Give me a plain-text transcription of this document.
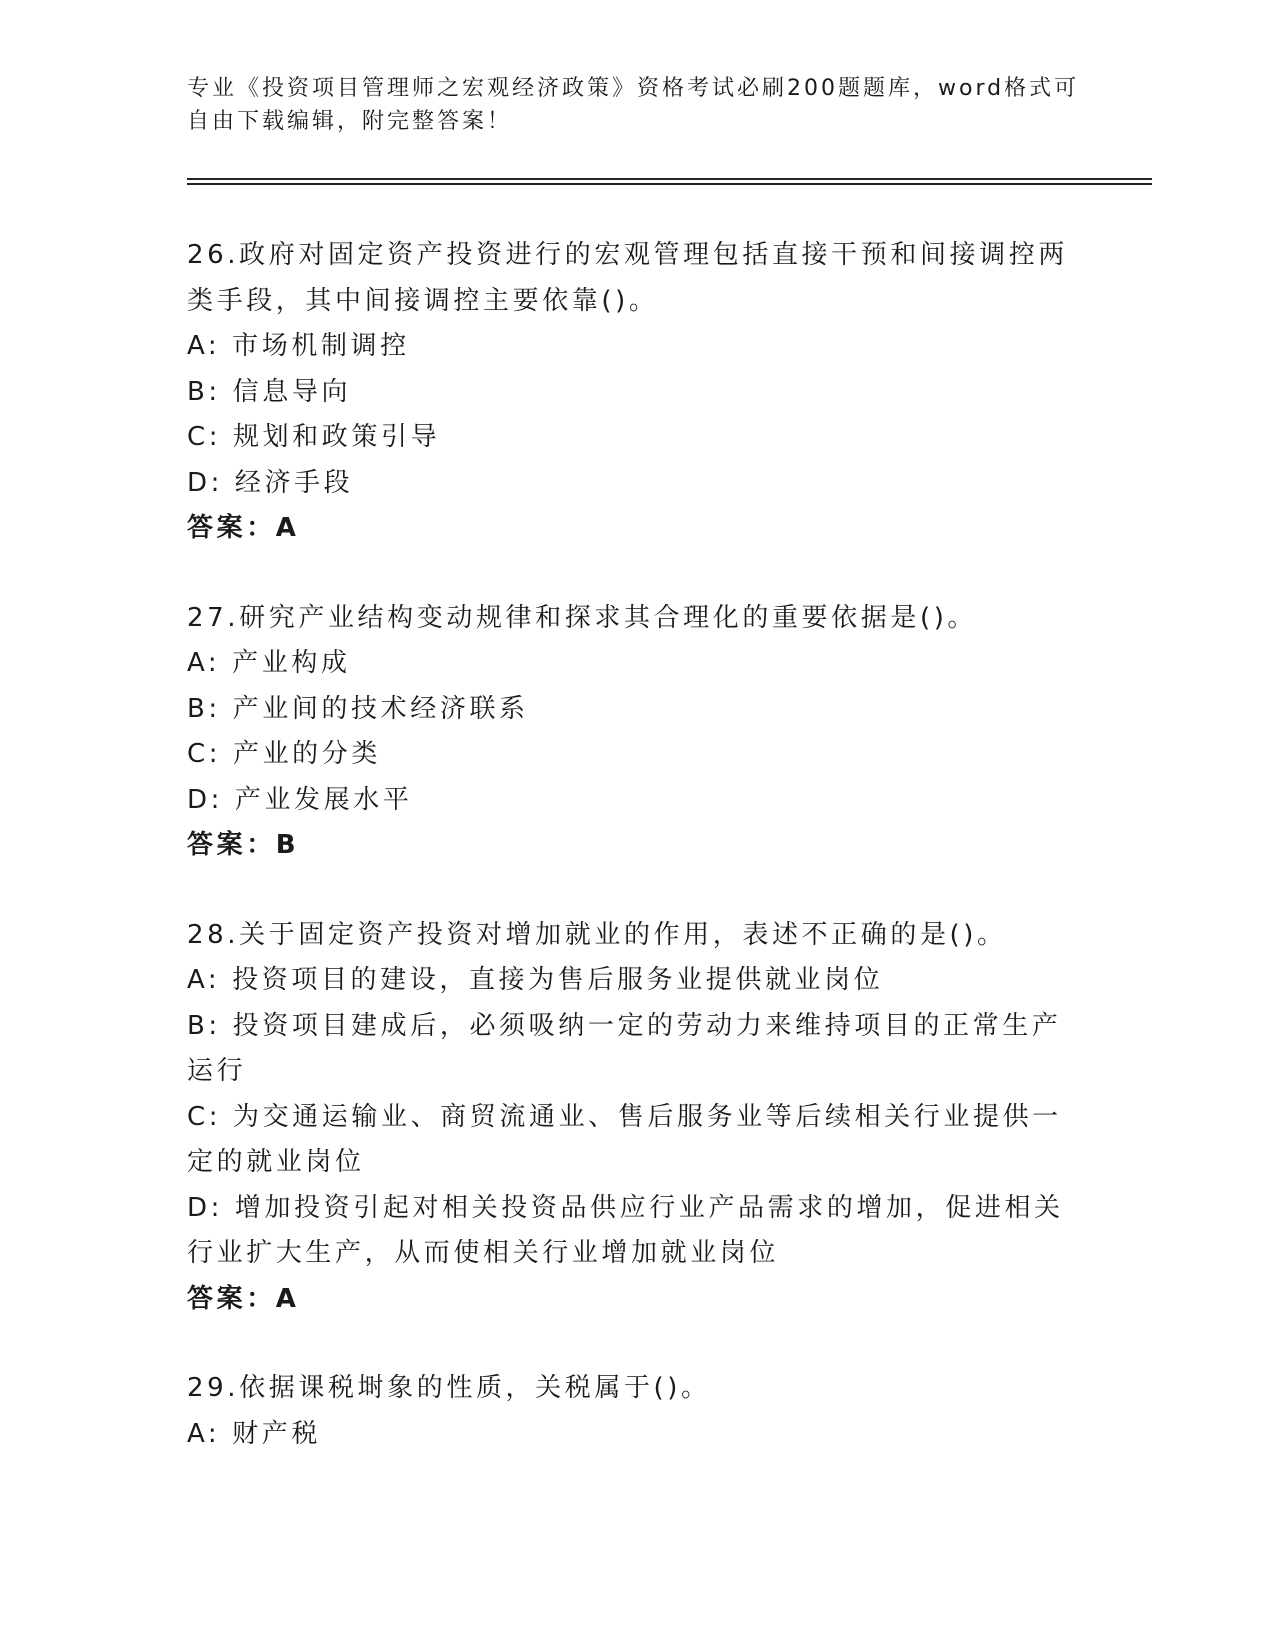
专业《投资项目管理师之宏观经济政策》资格考试必刷200题题库，word格式可
自由下载编辑，附完整答案！

26.政府对固定资产投资进行的宏观管理包括直接干预和间接调控两类手段，其中间接调控主要依靠()。

A: 市场机制调控

B: 信息导向

C: 规划和政策引导

D: 经济手段

答案：A

27.研究产业结构变动规律和探求其合理化的重要依据是()。

A: 产业构成

B: 产业间的技术经济联系

C: 产业的分类

D: 产业发展水平

答案：B

28.关于固定资产投资对增加就业的作用，表述不正确的是()。

A: 投资项目的建设，直接为售后服务业提供就业岗位

B: 投资项目建成后，必须吸纳一定的劳动力来维持项目的正常生产运行

C: 为交通运输业、商贸流通业、售后服务业等后续相关行业提供一定的就业岗位

D: 增加投资引起对相关投资品供应行业产品需求的增加，促进相关行业扩大生产，从而使相关行业增加就业岗位

答案：A

29.依据课税埘象的性质，关税属于()。

A: 财产税
